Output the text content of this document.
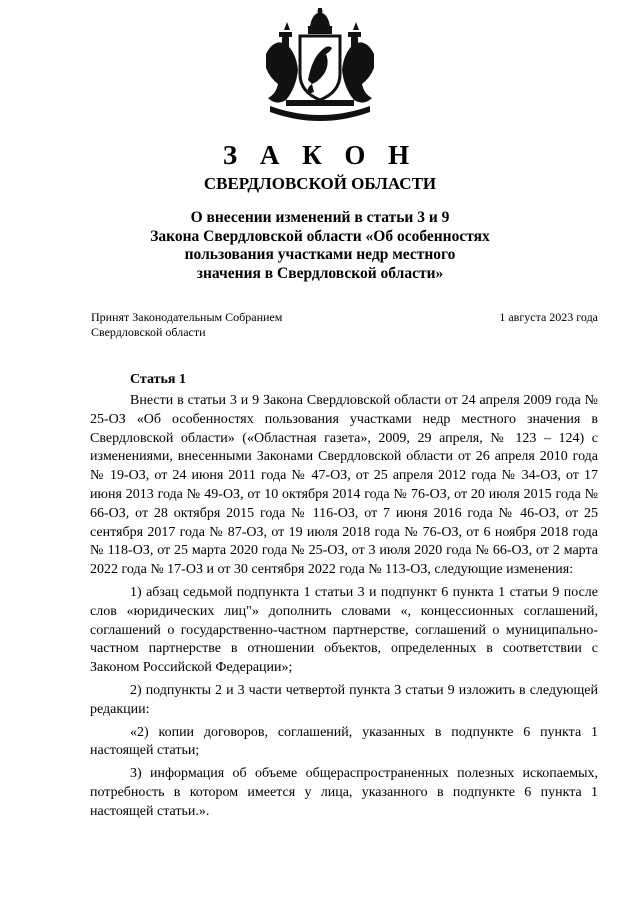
З А К О Н
СВЕРДЛОВСКОЙ ОБЛАСТИ
О внесении изменений в статьи 3 и 9
Закона Свердловской области «Об особенностях
пользования участками недр местного
значения в Свердловской области»
Принят Законодательным Собранием
Свердловской области
1 августа 2023 года
Статья 1

Внести в статьи 3 и 9 Закона Свердловской области от 24 апреля 2009 года № 25-ОЗ «Об особенностях пользования участками недр местного значения в Свердловской области» («Областная газета», 2009, 29 апреля, № 123 – 124) с изменениями, внесенными Законами Свердловской области от 26 апреля 2010 года № 19-ОЗ, от 24 июня 2011 года № 47-ОЗ, от 25 апреля 2012 года № 34-ОЗ, от 17 июня 2013 года № 49-ОЗ, от 10 октября 2014 года № 76-ОЗ, от 20 июля 2015 года № 66-ОЗ, от 28 октября 2015 года № 116-ОЗ, от 7 июня 2016 года № 46-ОЗ, от 25 сентября 2017 года № 87-ОЗ, от 19 июля 2018 года № 76-ОЗ, от 6 ноября 2018 года № 118-ОЗ, от 25 марта 2020 года № 25-ОЗ, от 3 июля 2020 года № 66-ОЗ, от 2 марта 2022 года № 17-ОЗ и от 30 сентября 2022 года № 113-ОЗ, следующие изменения:

1) абзац седьмой подпункта 1 статьи 3 и подпункт 6 пункта 1 статьи 9 после слов «юридических лиц"» дополнить словами «, концессионных соглашений, соглашений о государственно-частном партнерстве, соглашений о муниципально-частном партнерстве в отношении объектов, определенных в соответствии с Законом Российской Федерации»;

2) подпункты 2 и 3 части четвертой пункта 3 статьи 9 изложить в следующей редакции:

«2) копии договоров, соглашений, указанных в подпункте 6 пункта 1 настоящей статьи;

3) информация об объеме общераспространенных полезных ископаемых, потребность в котором имеется у лица, указанного в подпункте 6 пункта 1 настоящей статьи.».
